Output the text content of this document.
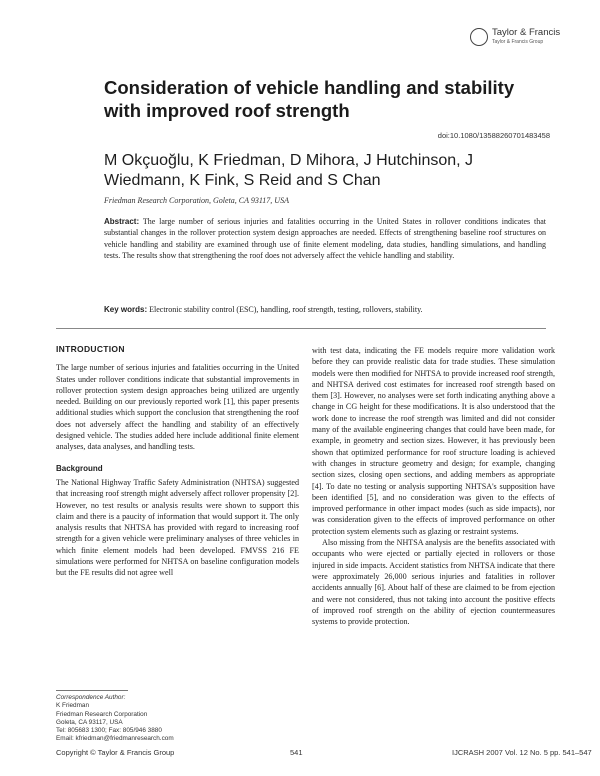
Taylor & Francis
Taylor & Francis Group
Consideration of vehicle handling and stability with improved roof strength
doi:10.1080/13588260701483458

M Okçuoğlu, K Friedman, D Mihora, J Hutchinson, J Wiedmann, K Fink, S Reid and S Chan

Friedman Research Corporation, Goleta, CA 93117, USA

Abstract: The large number of serious injuries and fatalities occurring in the United States in rollover conditions indicates that substantial changes in the rollover protection system design approaches are needed. Effects of strengthening baseline roof structures on vehicle handling and stability are examined through use of finite element modeling, data studies, handling simulations, and handling tests. The results show that strengthening the roof does not adversely affect the vehicle handling and stability.

Key words: Electronic stability control (ESC), handling, roof strength, testing, rollovers, stability.

INTRODUCTION

The large number of serious injuries and fatalities occurring in the United States under rollover conditions indicate that substantial improvements in rollover protection system design approaches being utilized are urgently needed. Building on our previously reported work [1], this paper presents additional studies which support the conclusion that strengthening the roof does not adversely affect the handling and stability of an effectively designed vehicle. The studies added here include additional finite element analyses, data analyses, and handling tests.

Background

The National Highway Traffic Safety Administration (NHTSA) suggested that increasing roof strength might adversely affect rollover propensity [2]. However, no test results or analysis results were shown to support this claim and there is a paucity of information that would support it. The only analysis results that NHTSA has provided with regard to increasing roof strength for a given vehicle were preliminary analyses of three vehicles in which finite element models had been developed. FMVSS 216 FE simulations were performed for NHTSA on baseline configuration models but the FE results did not agree well

with test data, indicating the FE models require more validation work before they can provide realistic data for trade studies. These simulation models were then modified for NHTSA to provide increased roof strength, and NHTSA derived cost estimates for increased roof strength based on them [3]. However, no analyses were set forth indicating anything above a change in CG height for these modifications. It is also understood that the work done to increase the roof strength was limited and did not consider many of the available engineering changes that could have been made, for example, in geometry and section sizes. However, it has previously been shown that optimized performance for roof structure loading is achieved with changes in structure geometry and design; for example, changing section sizes, closing open sections, and adding members as appropriate [4]. To date no testing or analysis supporting NHTSA's supposition have been identified [5], and no consideration was given to the effects of improved performance in other impact modes (such as side impacts), nor was consideration given to the effects of improved performance on other protection system elements such as glazing or restraint systems.

Also missing from the NHTSA analysis are the benefits associated with occupants who were ejected or partially ejected in rollovers or those injured in side impacts. Accident statistics from NHTSA indicate that there were approximately 26,000 serious injuries and fatalities in rollover accidents annually [6]. About half of these are claimed to be from ejection and were not considered, thus not taking into account the positive effects of improved roof strength on the ability of ejection countermeasures systems to provide protection.

Correspondence Author:
K Friedman
Friedman Research Corporation
Goleta, CA 93117, USA
Tel: 805683 1300; Fax: 805/946 3880
Email: kfriedman@friedmanresearch.com
Copyright © Taylor & Francis Group	541	IJCRASH 2007 Vol. 12 No. 5 pp. 541–547
